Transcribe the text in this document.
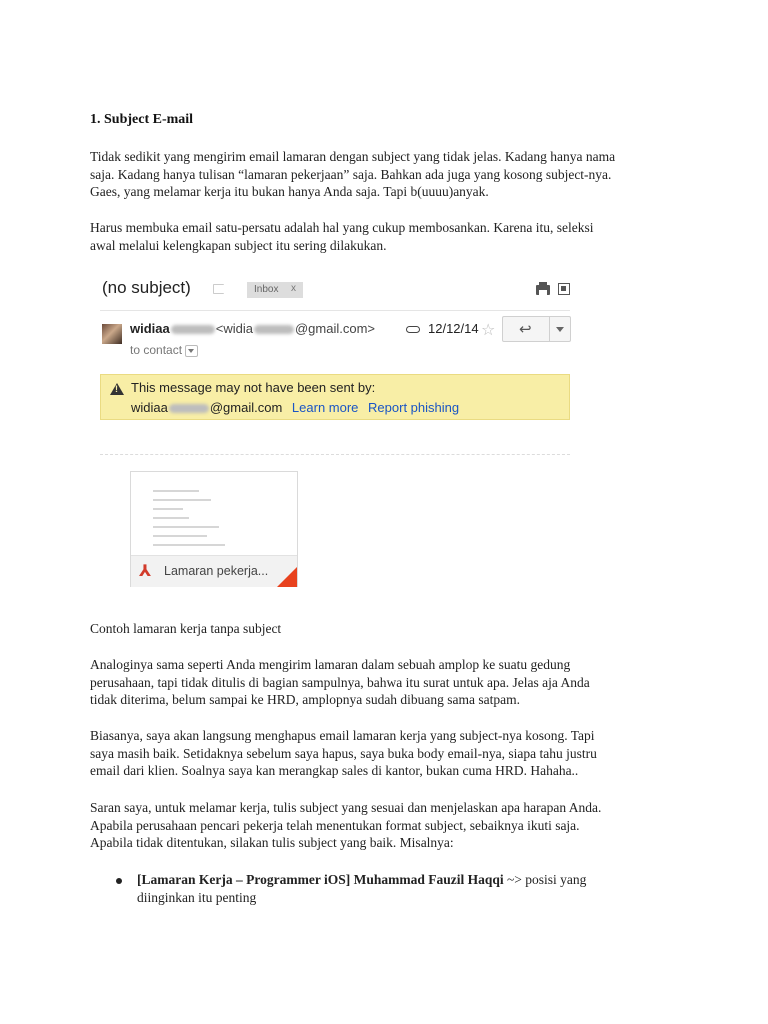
1. Subject E-mail

Tidak sedikit yang mengirim email lamaran dengan subject yang tidak jelas. Kadang hanya nama
saja. Kadang hanya tulisan “lamaran pekerjaan” saja. Bahkan ada juga yang kosong subject-nya.
Gaes, yang melamar kerja itu bukan hanya Anda saja. Tapi b(uuuu)anyak.

Harus membuka email satu-persatu adalah hal yang cukup membosankan. Karena itu, seleksi
awal melalui kelengkapan subject itu sering dilakukan.

(no subject)	Inbox x
widiaa	<widia	@gmail.com>
to contact
12/12/14 ☆ ↩
!
This message may not have been sent by:
widiaa	@gmail.com Learn more Report phishing
⅄ Lamaran pekerja...

Contoh lamaran kerja tanpa subject

Analoginya sama seperti Anda mengirim lamaran dalam sebuah amplop ke suatu gedung
perusahaan, tapi tidak ditulis di bagian sampulnya, bahwa itu surat untuk apa. Jelas aja Anda
tidak diterima, belum sampai ke HRD, amplopnya sudah dibuang sama satpam.

Biasanya, saya akan langsung menghapus email lamaran kerja yang subject-nya kosong. Tapi
saya masih baik. Setidaknya sebelum saya hapus, saya buka body email-nya, siapa tahu justru
email dari klien. Soalnya saya kan merangkap sales di kantor, bukan cuma HRD. Hahaha..

Saran saya, untuk melamar kerja, tulis subject yang sesuai dan menjelaskan apa harapan Anda.
Apabila perusahaan pencari pekerja telah menentukan format subject, sebaiknya ikuti saja.
Apabila tidak ditentukan, silakan tulis subject yang baik. Misalnya:

[Lamaran Kerja – Programmer iOS] Muhammad Fauzil Haqqi ~> posisi yang
diinginkan itu penting
